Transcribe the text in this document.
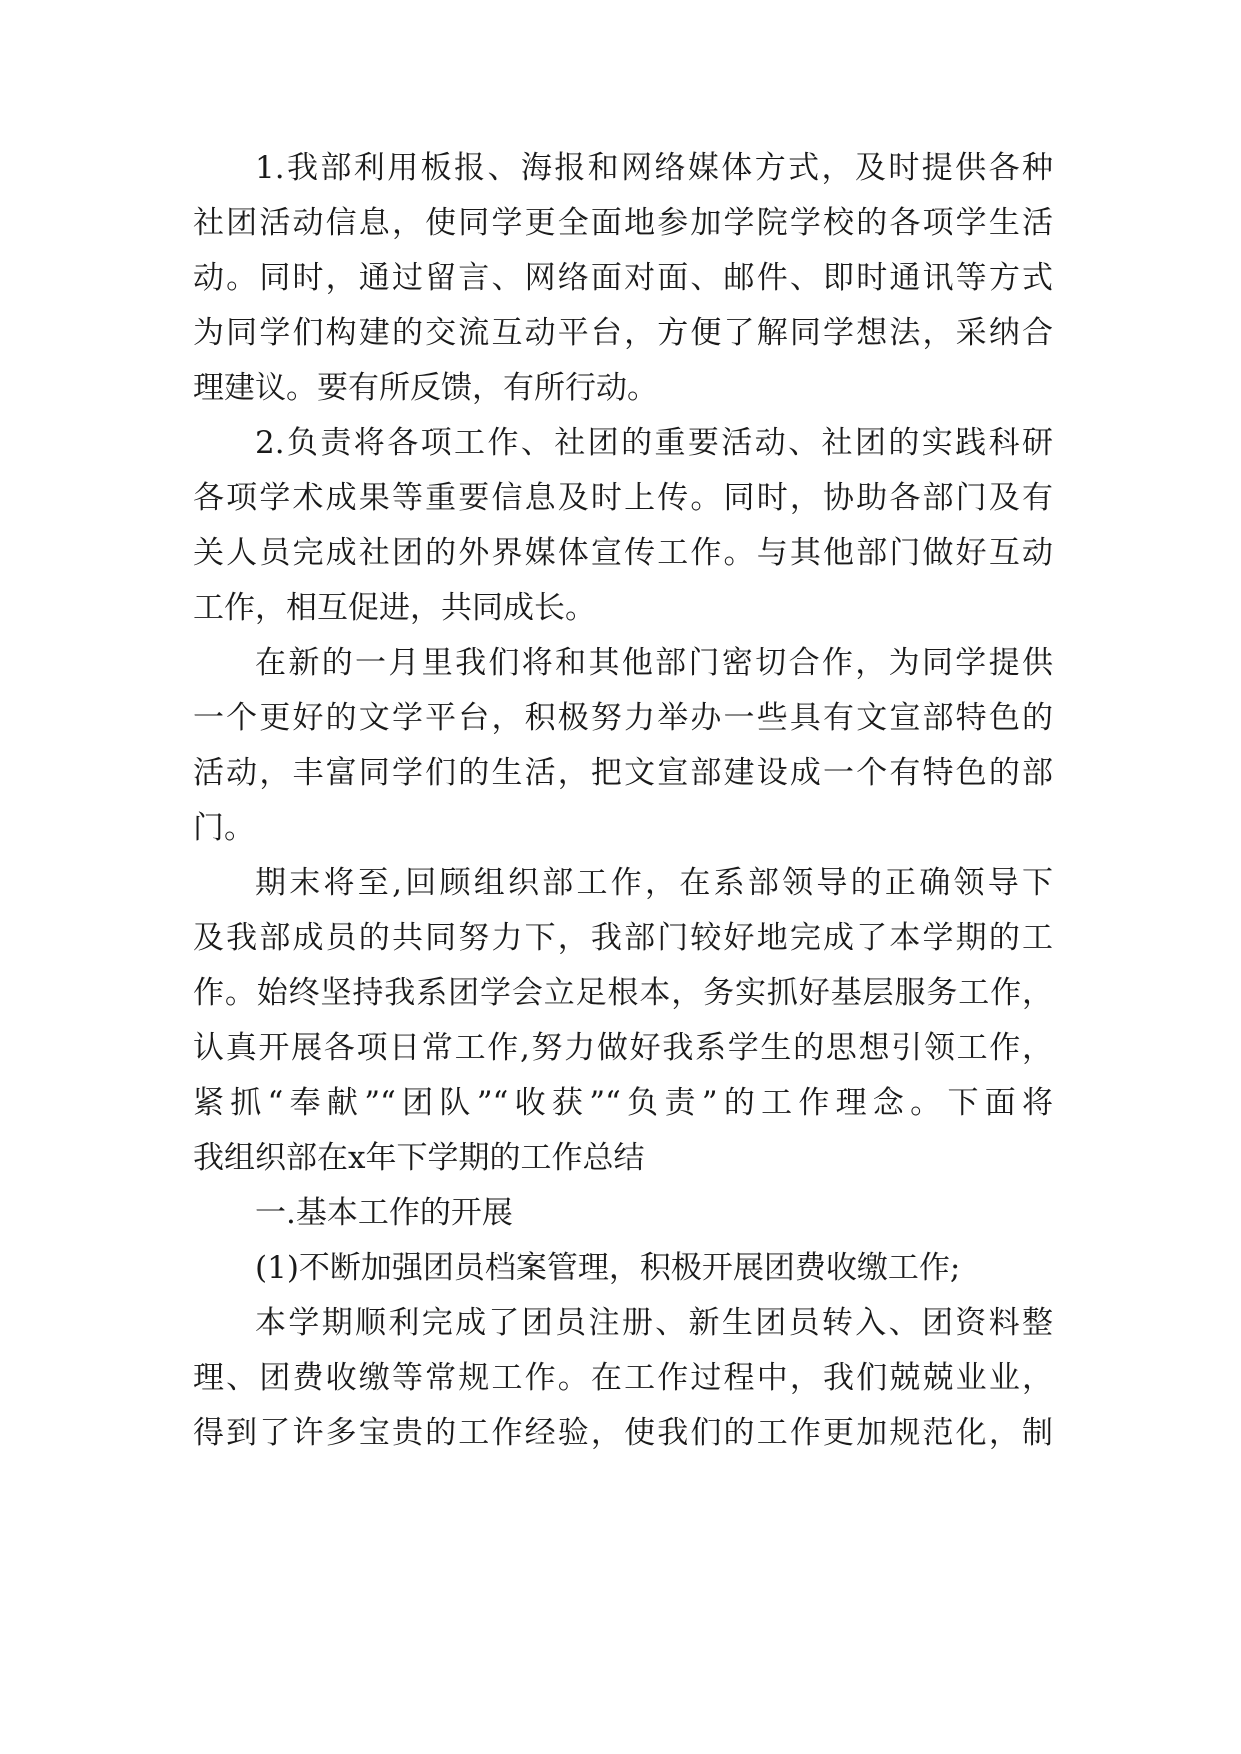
1.我部利用板报、海报和网络媒体方式，及时提供各种
社团活动信息，使同学更全面地参加学院学校的各项学生活
动。同时，通过留言、网络面对面、邮件、即时通讯等方式
为同学们构建的交流互动平台，方便了解同学想法，采纳合
理建议。要有所反馈，有所行动。
2.负责将各项工作、社团的重要活动、社团的实践科研
各项学术成果等重要信息及时上传。同时，协助各部门及有
关人员完成社团的外界媒体宣传工作。与其他部门做好互动
工作，相互促进，共同成长。
在新的一月里我们将和其他部门密切合作，为同学提供
一个更好的文学平台，积极努力举办一些具有文宣部特色的
活动，丰富同学们的生活，把文宣部建设成一个有特色的部
门。
期末将至,回顾组织部工作，在系部领导的正确领导下
及我部成员的共同努力下，我部门较好地完成了本学期的工
作。始终坚持我系团学会立足根本，务实抓好基层服务工作，
认真开展各项日常工作,努力做好我系学生的思想引领工作，
紧抓“奉献”“团队”“收获”“负责”的工作理念。下面将
我组织部在x年下学期的工作总结
一.基本工作的开展
(1)不断加强团员档案管理，积极开展团费收缴工作;
本学期顺利完成了团员注册、新生团员转入、团资料整
理、团费收缴等常规工作。在工作过程中，我们兢兢业业，
得到了许多宝贵的工作经验，使我们的工作更加规范化，制
